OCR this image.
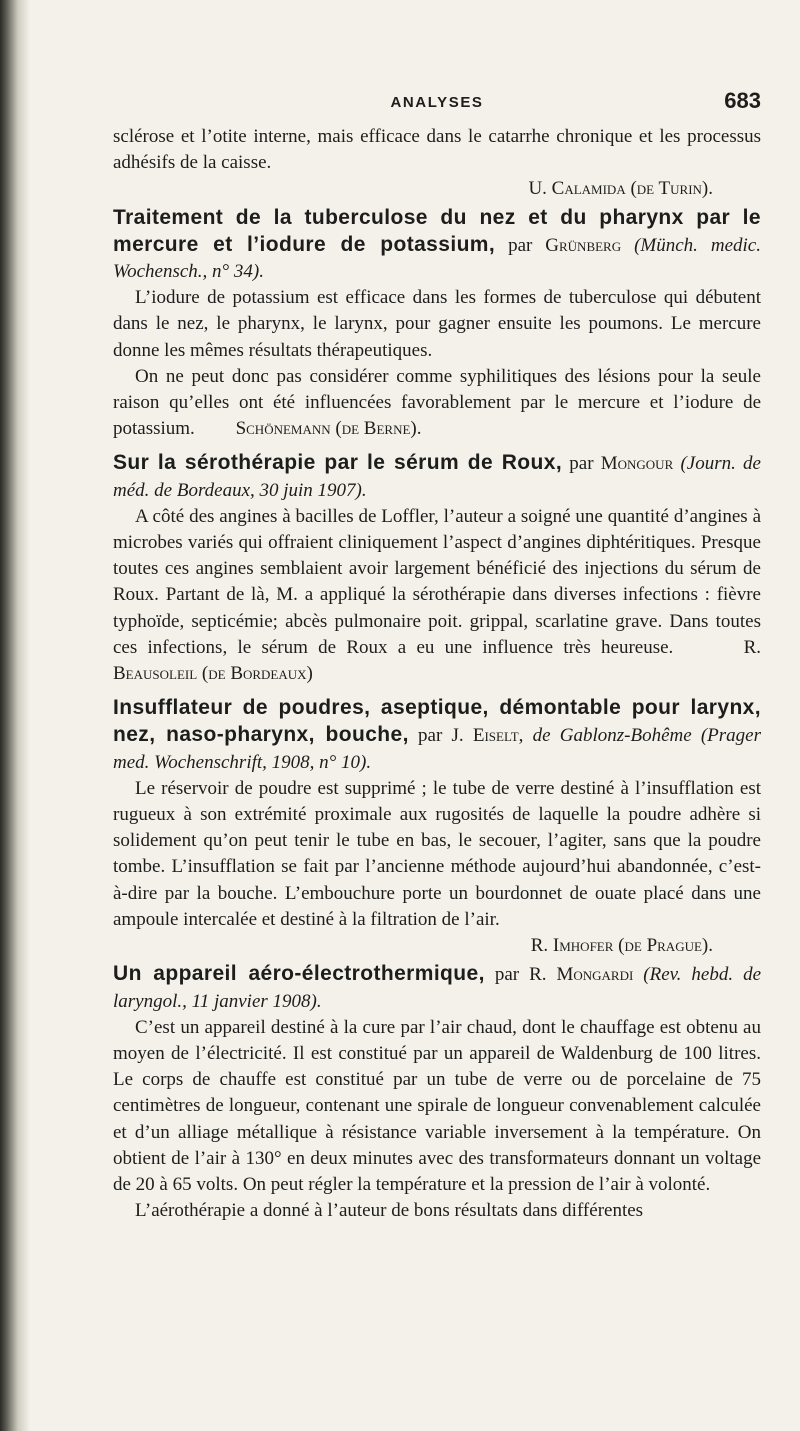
ANALYSES	683

sclérose et l’otite interne, mais efficace dans le catarrhe chronique et les processus adhésifs de la caisse.

U. Calamida (de Turin).

Traitement de la tuberculose du nez et du pharynx par le mercure et l’iodure de potassium, par Grünberg (Münch. medic. Wochensch., n° 34).

L’iodure de potassium est efficace dans les formes de tuberculose qui débutent dans le nez, le pharynx, le larynx, pour gagner ensuite les poumons. Le mercure donne les mêmes résultats thérapeutiques.

On ne peut donc pas considérer comme syphilitiques des lésions pour la seule raison qu’elles ont été influencées favorablement par le mercure et l’iodure de potassium. Schönemann (de Berne).

Sur la sérothérapie par le sérum de Roux, par Mongour (Journ. de méd. de Bordeaux, 30 juin 1907).

A côté des angines à bacilles de Loffler, l’auteur a soigné une quantité d’angines à microbes variés qui offraient cliniquement l’aspect d’angines diphtéritiques. Presque toutes ces angines semblaient avoir largement bénéficié des injections du sérum de Roux. Partant de là, M. a appliqué la sérothérapie dans diverses infections : fièvre typhoïde, septicémie; abcès pulmonaire poit. grippal, scarlatine grave. Dans toutes ces infections, le sérum de Roux a eu une influence très heureuse.	R. Beausoleil (de Bordeaux)

Insufflateur de poudres, aseptique, démontable pour larynx, nez, naso-pharynx, bouche, par J. Eiselt, de Gablonz-Bohême (Prager med. Wochenschrift, 1908, n° 10).

Le réservoir de poudre est supprimé ; le tube de verre destiné à l’insufflation est rugueux à son extrémité proximale aux rugosités de laquelle la poudre adhère si solidement qu’on peut tenir le tube en bas, le secouer, l’agiter, sans que la poudre tombe. L’insufflation se fait par l’ancienne méthode aujourd’hui abandonnée, c’est-à-dire par la bouche. L’embouchure porte un bourdonnet de ouate placé dans une ampoule intercalée et destiné à la filtration de l’air.

R. Imhofer (de Prague).

Un appareil aéro-électrothermique, par R. Mongardi (Rev. hebd. de laryngol., 11 janvier 1908).

C’est un appareil destiné à la cure par l’air chaud, dont le chauffage est obtenu au moyen de l’électricité. Il est constitué par un appareil de Waldenburg de 100 litres. Le corps de chauffe est constitué par un tube de verre ou de porcelaine de 75 centimètres de longueur, contenant une spirale de longueur convenablement calculée et d’un alliage métallique à résistance variable inversement à la température. On obtient de l’air à 130° en deux minutes avec des transformateurs donnant un voltage de 20 à 65 volts. On peut régler la température et la pression de l’air à volonté.

L’aérothérapie a donné à l’auteur de bons résultats dans différentes
